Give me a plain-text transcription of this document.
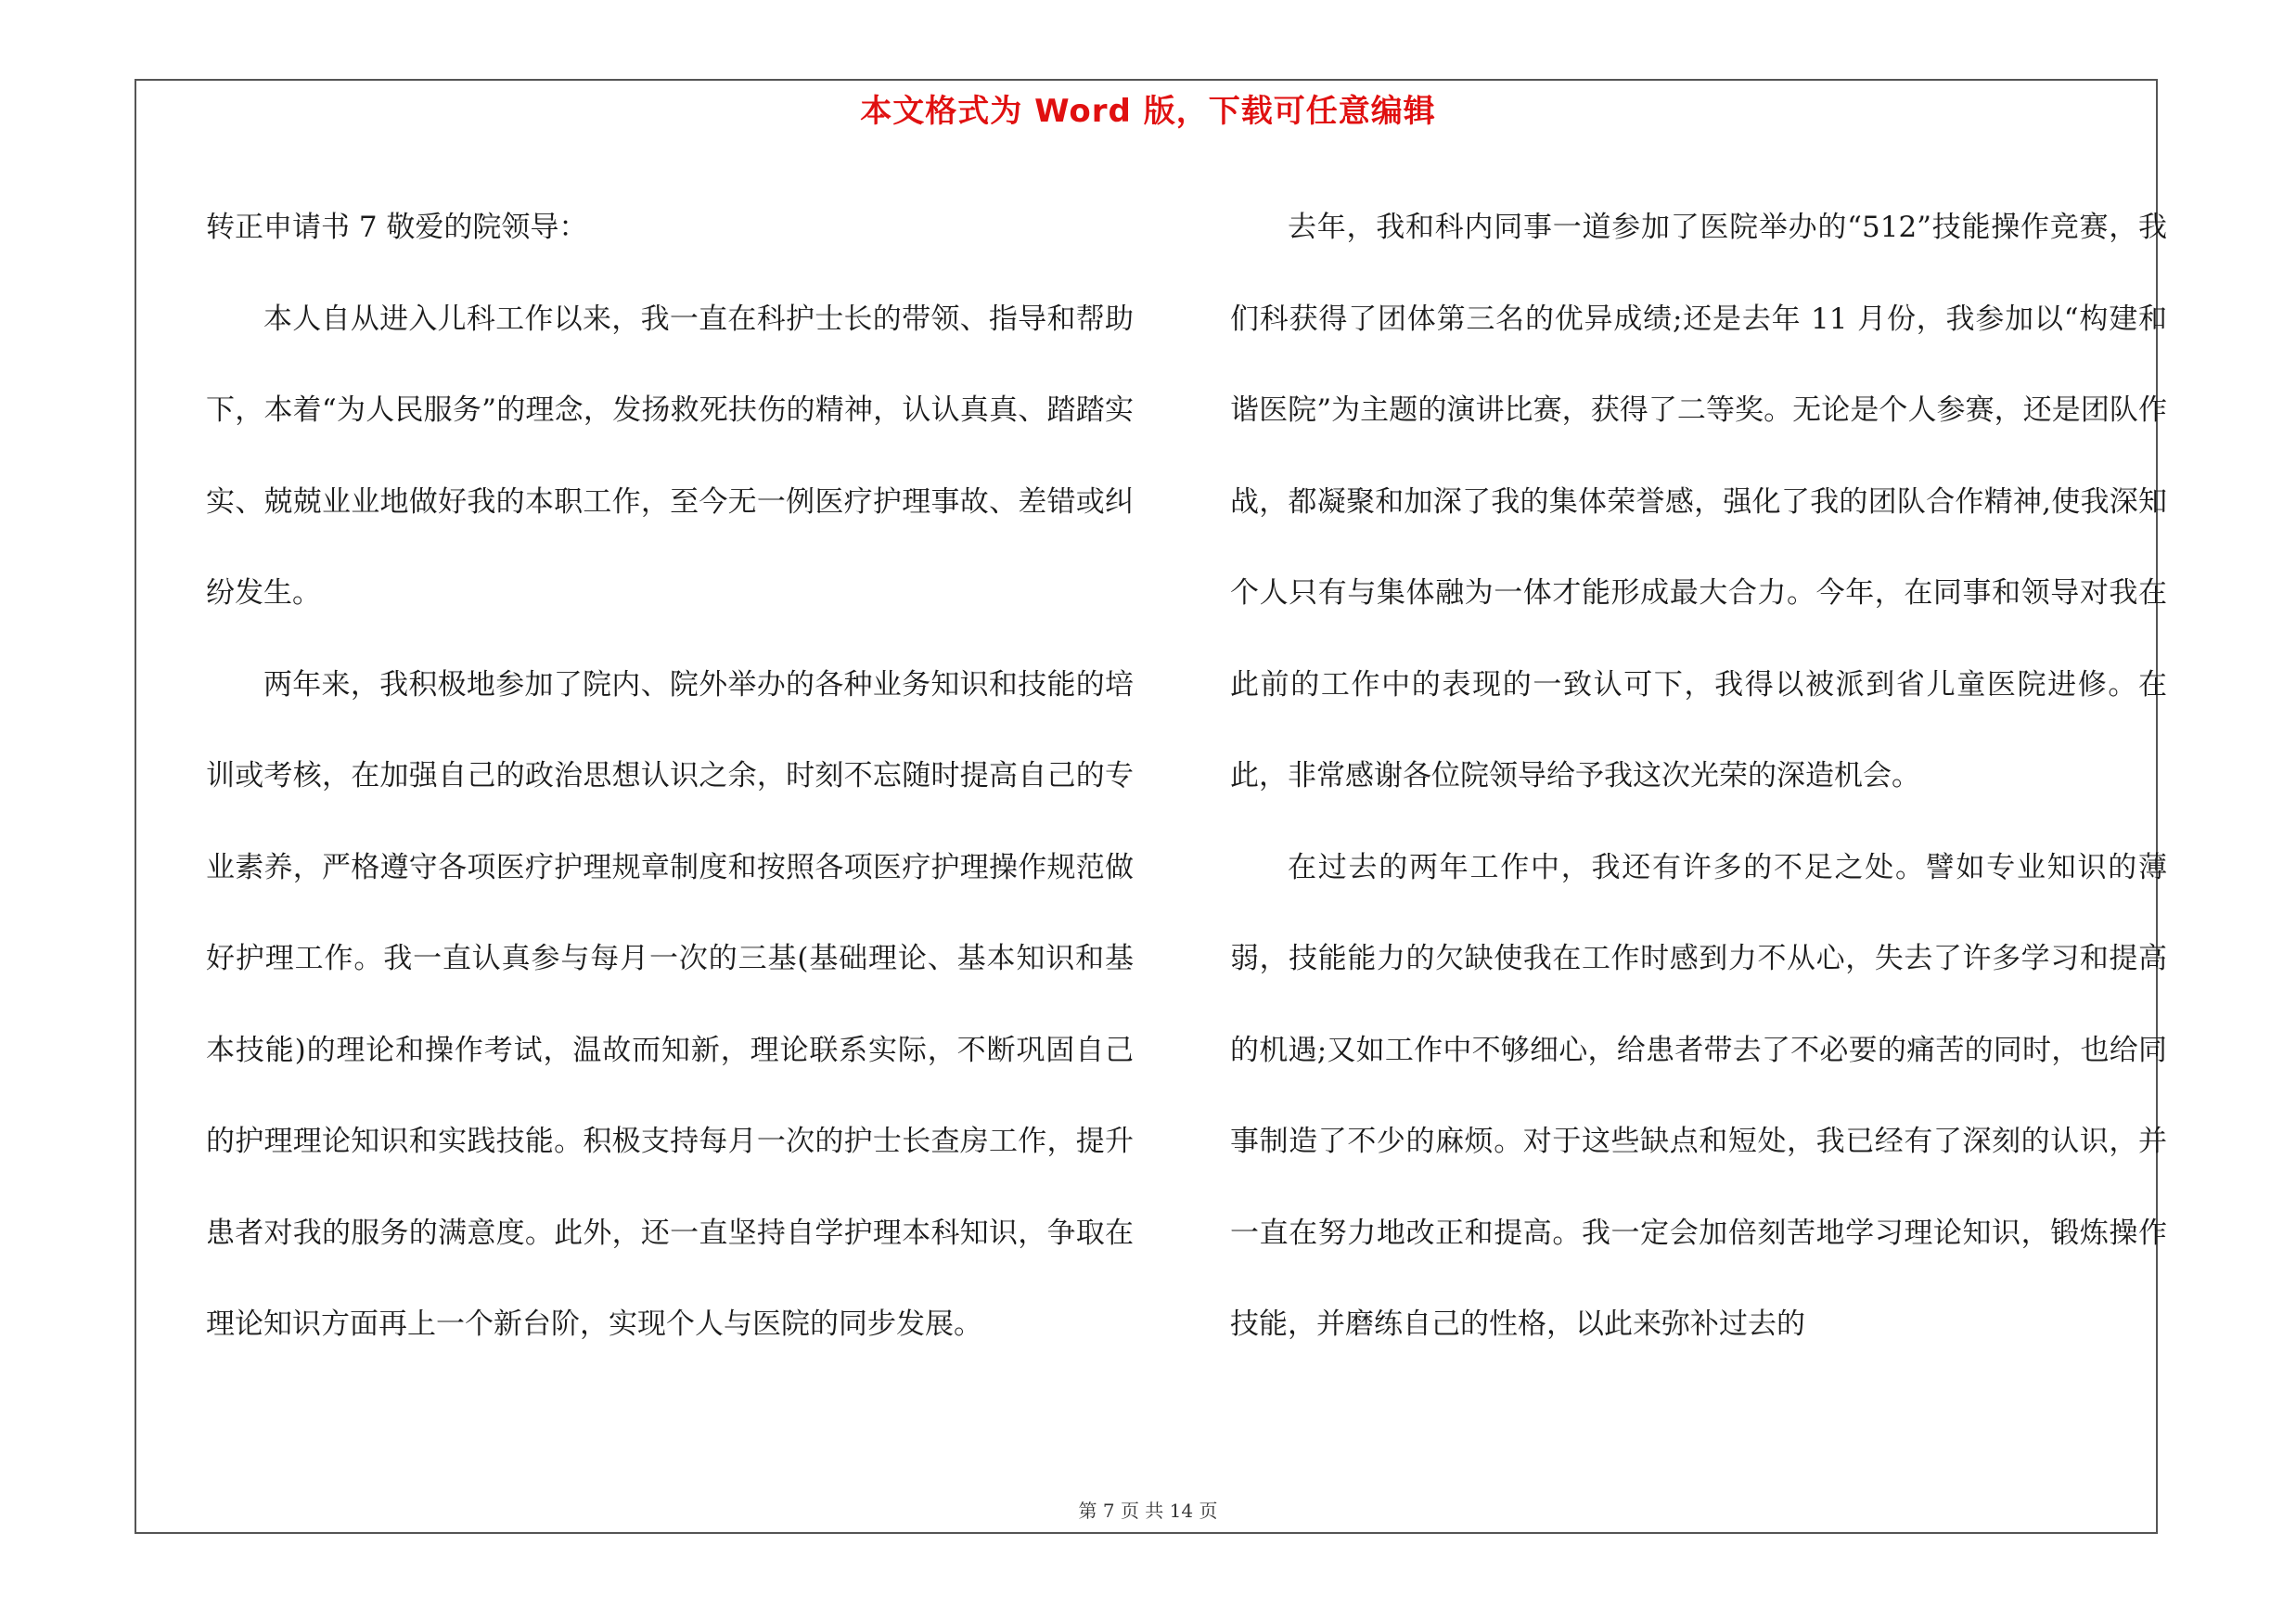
本文格式为 Word 版，下载可任意编辑

转正申请书 7 敬爱的院领导：

本人自从进入儿科工作以来，我一直在科护士长的带领、指导和帮助下，本着“为人民服务”的理念，发扬救死扶伤的精神，认认真真、踏踏实实、兢兢业业地做好我的本职工作，至今无一例医疗护理事故、差错或纠纷发生。

两年来，我积极地参加了院内、院外举办的各种业务知识和技能的培训或考核，在加强自己的政治思想认识之余，时刻不忘随时提高自己的专业素养，严格遵守各项医疗护理规章制度和按照各项医疗护理操作规范做好护理工作。我一直认真参与每月一次的三基(基础理论、基本知识和基本技能)的理论和操作考试，温故而知新，理论联系实际，不断巩固自己的护理理论知识和实践技能。积极支持每月一次的护士长查房工作，提升患者对我的服务的满意度。此外，还一直坚持自学护理本科知识，争取在理论知识方面再上一个新台阶，实现个人与医院的同步发展。

去年，我和科内同事一道参加了医院举办的“512”技能操作竞赛，我们科获得了团体第三名的优异成绩;还是去年 11 月份，我参加以“构建和谐医院”为主题的演讲比赛，获得了二等奖。无论是个人参赛，还是团队作战，都凝聚和加深了我的集体荣誉感，强化了我的团队合作精神,使我深知个人只有与集体融为一体才能形成最大合力。今年，在同事和领导对我在此前的工作中的表现的一致认可下，我得以被派到省儿童医院进修。在此，非常感谢各位院领导给予我这次光荣的深造机会。

在过去的两年工作中，我还有许多的不足之处。譬如专业知识的薄弱，技能能力的欠缺使我在工作时感到力不从心，失去了许多学习和提高的机遇;又如工作中不够细心，给患者带去了不必要的痛苦的同时，也给同事制造了不少的麻烦。对于这些缺点和短处，我已经有了深刻的认识，并一直在努力地改正和提高。我一定会加倍刻苦地学习理论知识，锻炼操作技能，并磨练自己的性格，以此来弥补过去的

第 7 页 共 14 页
